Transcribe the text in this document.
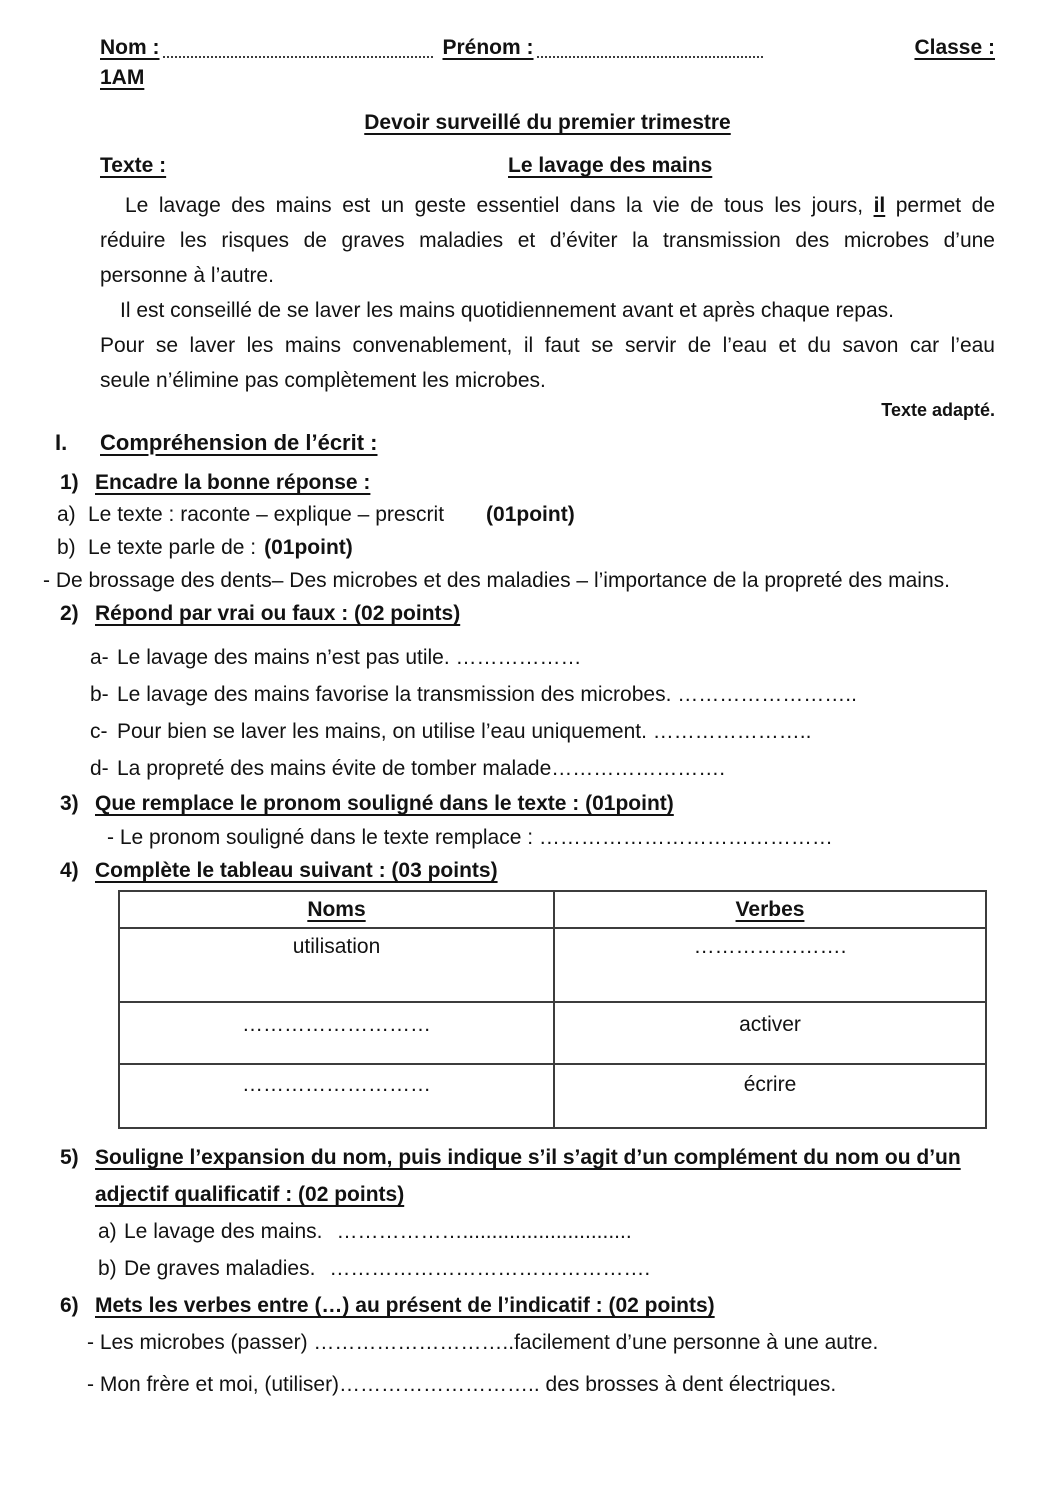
Nom :	Prénom :	Classe :
1AM
Devoir surveillé du premier trimestre
Texte :	Le lavage des mains
Le lavage des mains est un geste essentiel dans la vie de tous les jours, il permet de
réduire les risques de graves maladies et d’éviter la transmission des microbes d’une
personne à l’autre.
Il est conseillé de se laver les mains quotidiennement avant et après chaque repas.
Pour se laver les mains convenablement, il faut se servir de l’eau et du savon car l’eau
seule n’élimine pas complètement les microbes.
Texte adapté.
I. Compréhension de l’écrit :
1) Encadre la bonne réponse :
a) Le texte : raconte – explique – prescrit (01point)
b) Le texte parle de : (01point)
- De brossage des dents– Des microbes et des maladies – l’importance de la propreté des mains.
2) Répond par vrai ou faux : (02 points)
a- Le lavage des mains n’est pas utile. ………………
b- Le lavage des mains favorise la transmission des microbes. ……………………..
c- Pour bien se laver les mains, on utilise l’eau uniquement. …………………..
d- La propreté des mains évite de tomber malade…………………….
3) Que remplace le pronom souligné dans le texte : (01point)
- Le pronom souligné dans le texte remplace : ……………………………………
4) Complète le tableau suivant : (03 points)
Noms	Verbes
utilisation	………………….
………………………	activer
………………………	écrire
5) Souligne l’expansion du nom, puis indique s’il s’agit d’un complément du nom ou d’un
adjectif qualificatif : (02 points)
a) Le lavage des mains. ……………….............................
b) De graves maladies. ……………………………………….
6) Mets les verbes entre (…) au présent de l’indicatif : (02 points)
- Les microbes (passer) ………………………..facilement d’une personne à une autre.
- Mon frère et moi, (utiliser)……………………….. des brosses à dent électriques.
